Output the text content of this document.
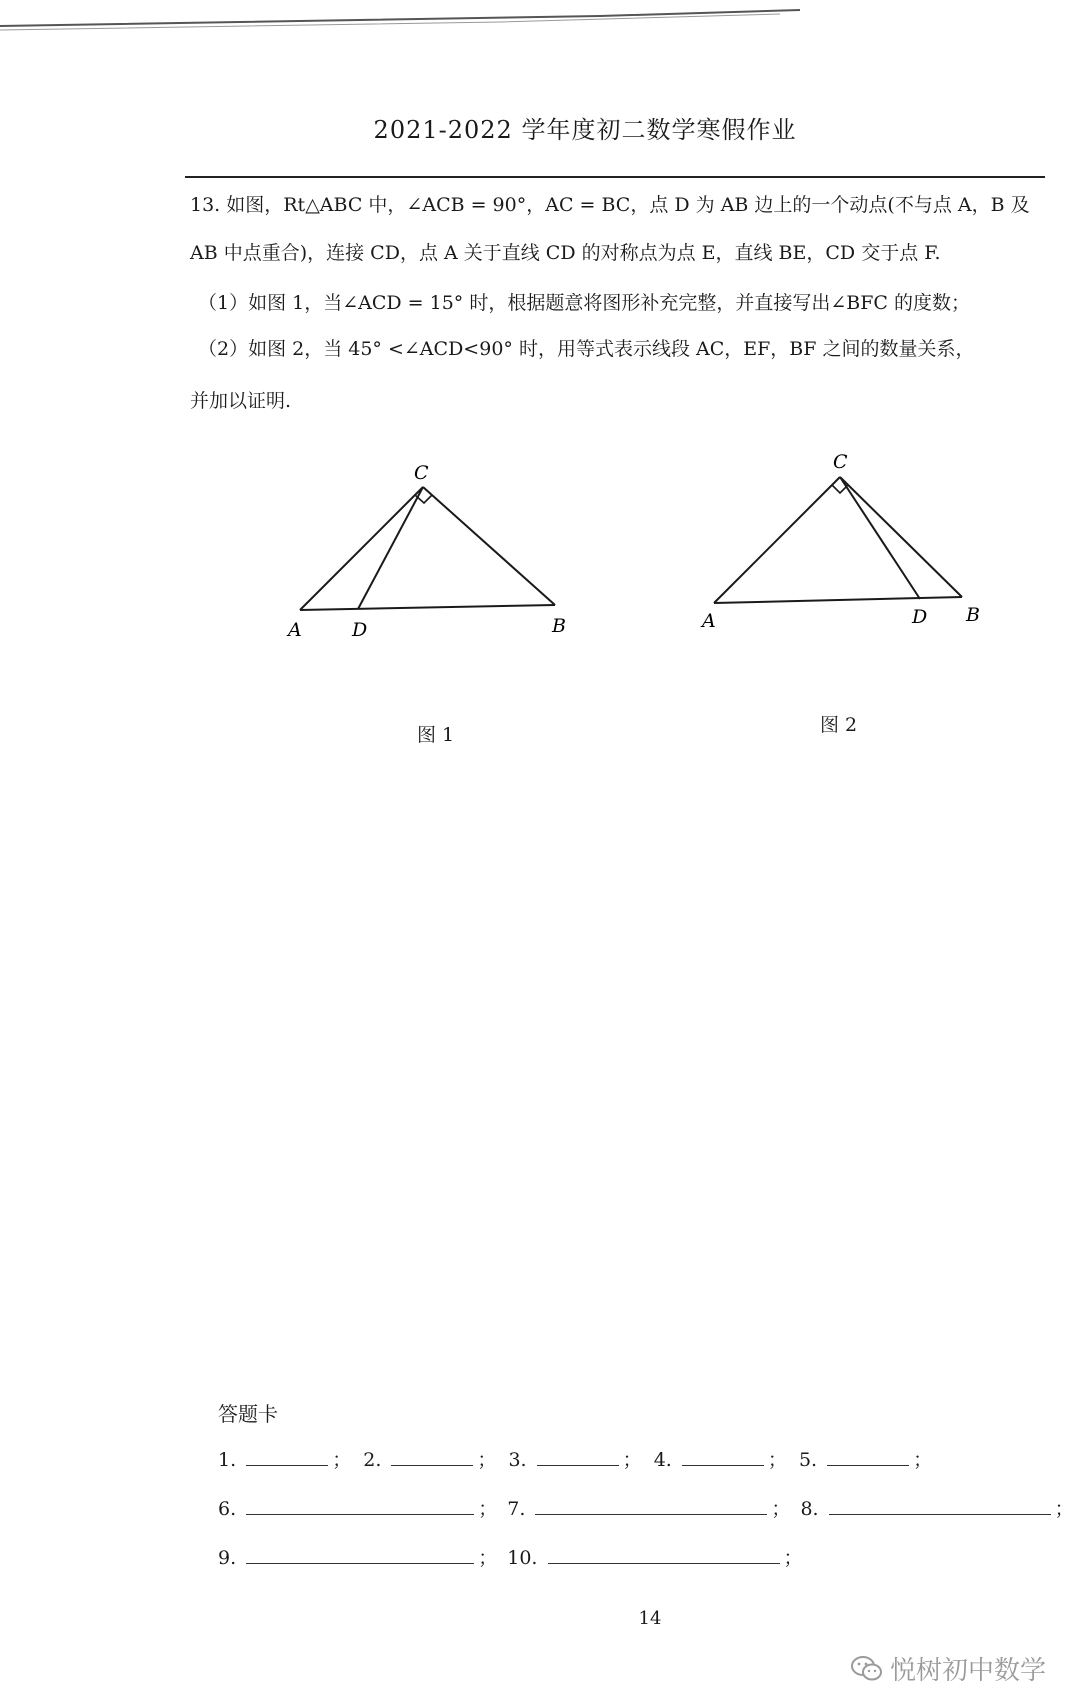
2021-2022 学年度初二数学寒假作业
13. 如图，Rt△ABC 中，∠ACB = 90°，AC = BC，点 D 为 AB 边上的一个动点(不与点 A，B 及
AB 中点重合)，连接 CD，点 A 关于直线 CD 的对称点为点 E，直线 BE，CD 交于点 F.
（1）如图 1，当∠ACD = 15° 时，根据题意将图形补充完整，并直接写出∠BFC 的度数；
（2）如图 2，当 45° <∠ACD<90° 时，用等式表示线段 AC，EF，BF 之间的数量关系，
并加以证明.
C
A	D	B
图 1
C
A	D B
图 2
答题卡
1.	； 2.	； 3.	； 4.	； 5.	；
6.	； 7.	； 8.	；
9.	； 10.	；
14
悦树初中数学
